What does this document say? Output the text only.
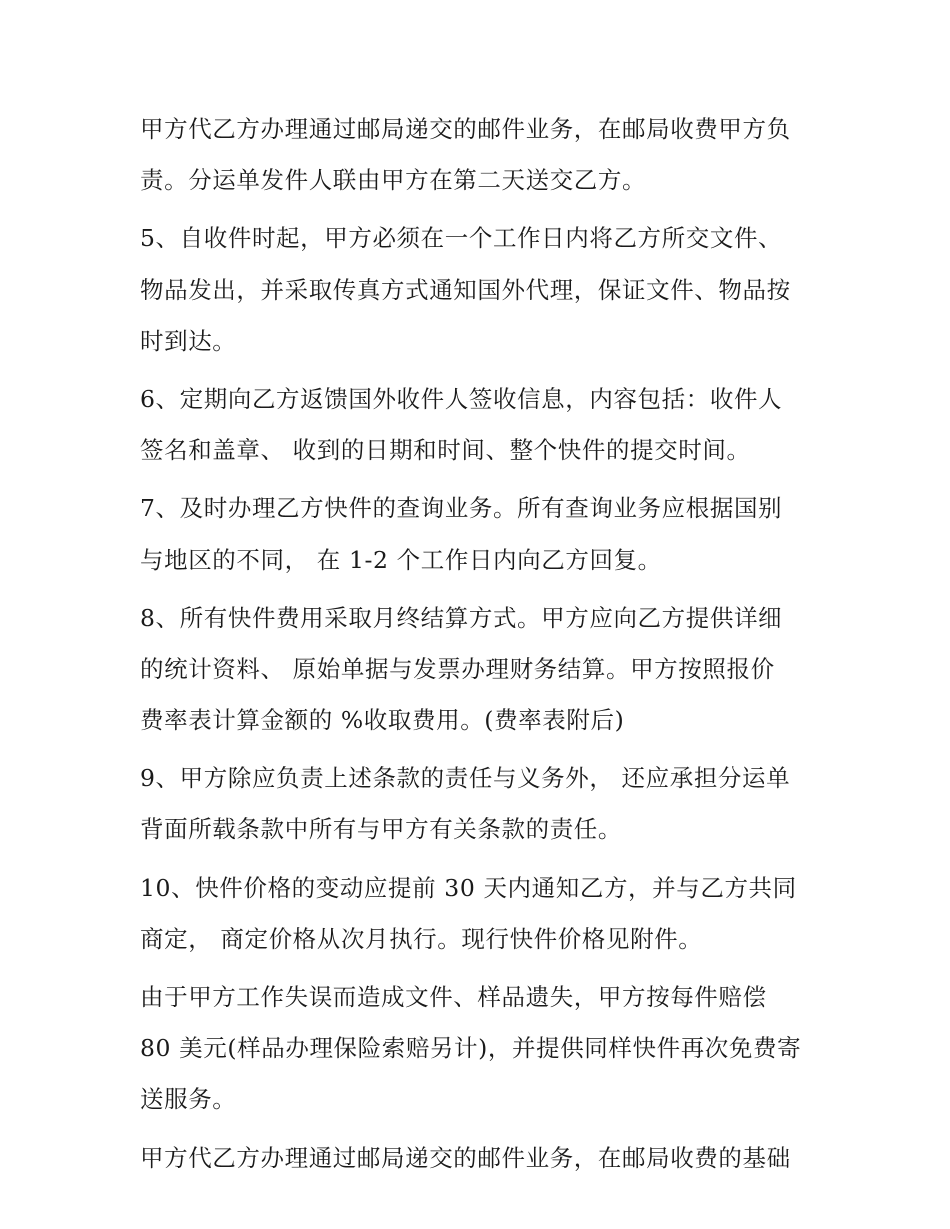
甲方代乙方办理通过邮局递交的邮件业务，在邮局收费甲方负
责。分运单发件人联由甲方在第二天送交乙方。
5、自收件时起，甲方必须在一个工作日内将乙方所交文件、
物品发出，并采取传真方式通知国外代理，保证文件、物品按
时到达。
6、定期向乙方返馈国外收件人签收信息，内容包括：收件人
签名和盖章、 收到的日期和时间、整个快件的提交时间。
7、及时办理乙方快件的查询业务。所有查询业务应根据国别
与地区的不同， 在 1-2 个工作日内向乙方回复。
8、所有快件费用采取月终结算方式。甲方应向乙方提供详细
的统计资料、 原始单据与发票办理财务结算。甲方按照报价
费率表计算金额的 %收取费用。(费率表附后)
9、甲方除应负责上述条款的责任与义务外， 还应承担分运单
背面所载条款中所有与甲方有关条款的责任。
10、快件价格的变动应提前 30 天内通知乙方，并与乙方共同
商定， 商定价格从次月执行。现行快件价格见附件。
由于甲方工作失误而造成文件、样品遗失，甲方按每件赔偿
80 美元(样品办理保险索赔另计)，并提供同样快件再次免费寄
送服务。
甲方代乙方办理通过邮局递交的邮件业务，在邮局收费的基础
